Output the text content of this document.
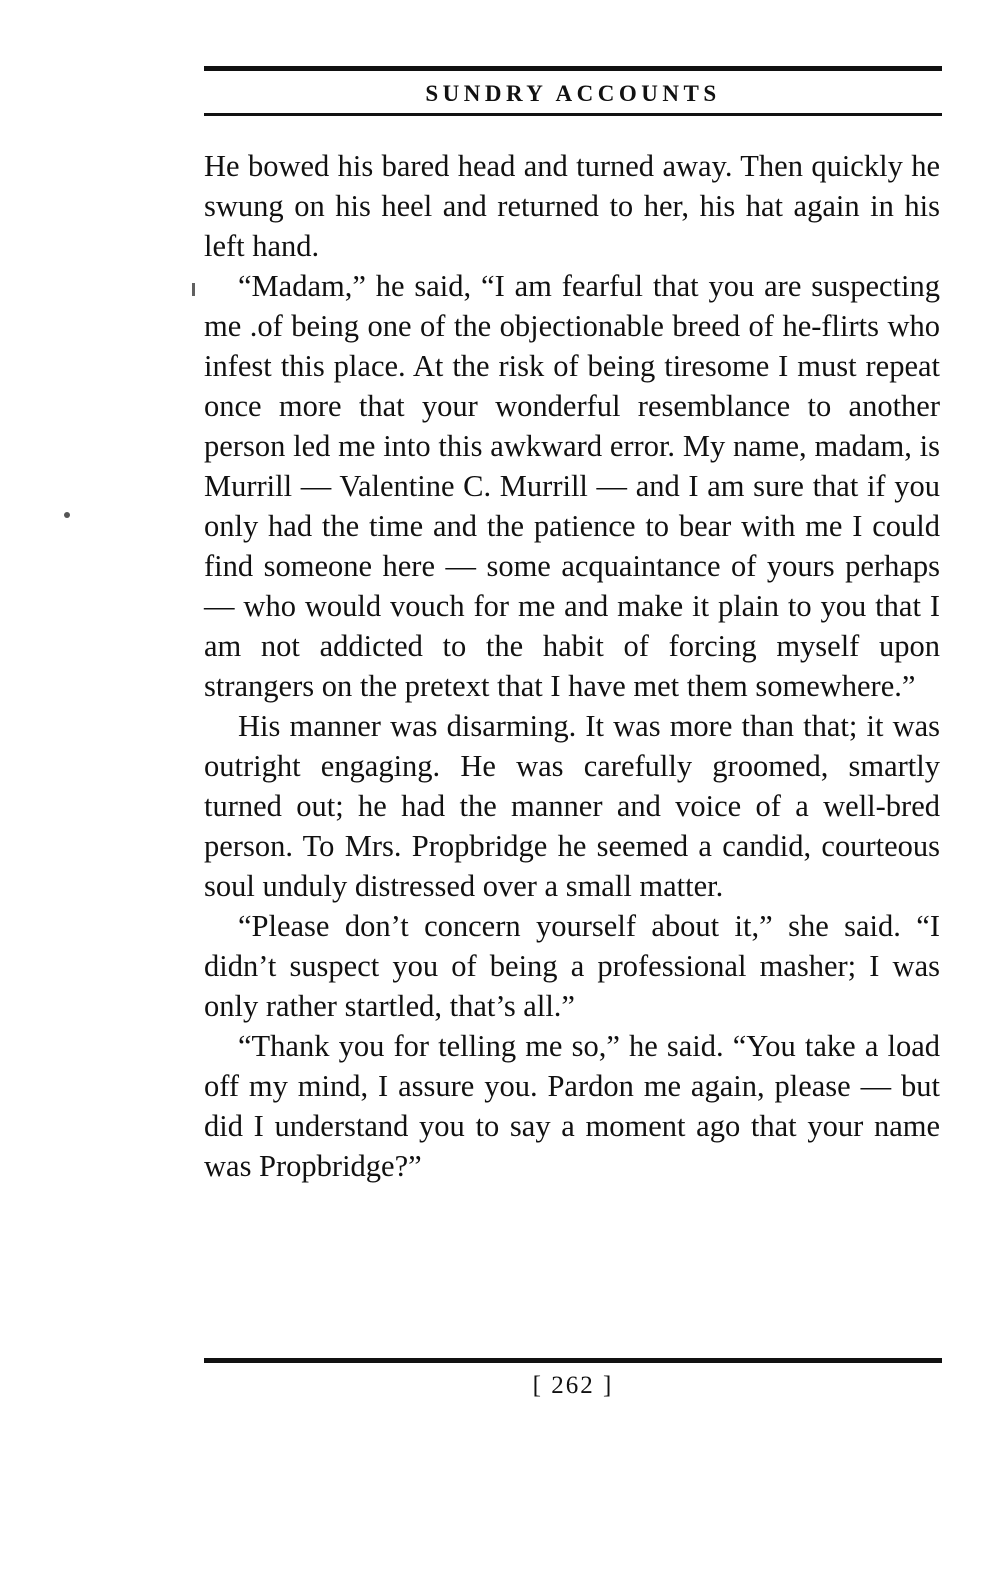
SUNDRY ACCOUNTS

He bowed his bared head and turned away. Then quickly he swung on his heel and returned to her, his hat again in his left hand.

“Madam,” he said, “I am fearful that you are suspecting me .of being one of the objectionable breed of he-flirts who infest this place. At the risk of being tiresome I must repeat once more that your wonderful resemblance to another person led me into this awkward error. My name, madam, is Murrill — Valentine C. Murrill — and I am sure that if you only had the time and the patience to bear with me I could find someone here — some acquaintance of yours perhaps — who would vouch for me and make it plain to you that I am not addicted to the habit of forcing myself upon strangers on the pretext that I have met them somewhere.”

His manner was disarming. It was more than that; it was outright engaging. He was carefully groomed, smartly turned out; he had the manner and voice of a well-bred person. To Mrs. Propbridge he seemed a candid, courteous soul unduly distressed over a small matter.

“Please don’t concern yourself about it,” she said. “I didn’t suspect you of being a professional masher; I was only rather startled, that’s all.”

“Thank you for telling me so,” he said. “You take a load off my mind, I assure you. Pardon me again, please — but did I understand you to say a moment ago that your name was Propbridge?”

[ 262 ]
